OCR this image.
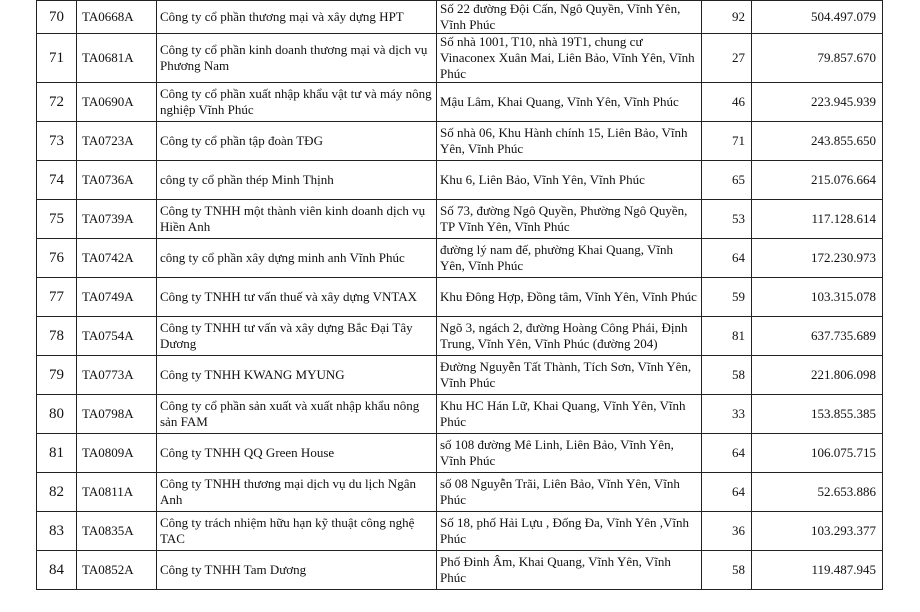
70	TA0668A	Công ty cổ phần thương mại và xây dựng HPT	Số 22 đường Đội Cấn, Ngô Quyền, Vĩnh Yên, Vĩnh Phúc	92	504.497.079
71	TA0681A	Công ty cổ phần kinh doanh thương mại và dịch vụ Phương Nam	Số nhà 1001, T10, nhà 19T1, chung cư Vinaconex Xuân Mai, Liên Bảo, Vĩnh Yên, Vĩnh Phúc	27	79.857.670
72	TA0690A	Công ty cổ phần xuất nhập khẩu vật tư và máy nông nghiệp Vĩnh Phúc	Mậu Lâm, Khai Quang, Vĩnh Yên, Vĩnh Phúc	46	223.945.939
73	TA0723A	Công ty cổ phần tập đoàn TĐG	Số nhà 06, Khu Hành chính 15, Liên Bảo, Vĩnh Yên, Vĩnh Phúc	71	243.855.650
74	TA0736A	công ty cổ phần thép Minh Thịnh	Khu 6, Liên Bảo, Vĩnh Yên, Vĩnh Phúc	65	215.076.664
75	TA0739A	Công ty TNHH một thành viên kinh doanh dịch vụ Hiền Anh	Số 73, đường Ngô Quyền, Phường Ngô Quyền, TP Vĩnh Yên, Vĩnh Phúc	53	117.128.614
76	TA0742A	công ty cổ phần xây dựng minh anh Vĩnh Phúc	đường lý nam đế, phường Khai Quang, Vĩnh Yên, Vĩnh Phúc	64	172.230.973
77	TA0749A	Công ty TNHH tư vấn thuế và xây dựng VNTAX	Khu Đông Hợp, Đồng tâm, Vĩnh Yên, Vĩnh Phúc	59	103.315.078
78	TA0754A	Công ty TNHH tư vấn và xây dựng Bắc Đại Tây Dương	Ngõ 3, ngách 2, đường Hoàng Công Phái, Định Trung, Vĩnh Yên, Vĩnh Phúc (đường 204)	81	637.735.689
79	TA0773A	Công ty TNHH KWANG MYUNG	Đường Nguyễn Tất Thành, Tích Sơn, Vĩnh Yên, Vĩnh Phúc	58	221.806.098
80	TA0798A	Công ty cổ phần sản xuất và xuất nhập khẩu nông sản FAM	Khu HC Hán Lữ, Khai Quang, Vĩnh Yên, Vĩnh Phúc	33	153.855.385
81	TA0809A	Công ty TNHH QQ Green House	số 108 đường Mê Linh, Liên Bảo, Vĩnh Yên, Vĩnh Phúc	64	106.075.715
82	TA0811A	Công ty TNHH thương mại dịch vụ du lịch Ngân Anh	số 08 Nguyễn Trãi, Liên Bảo, Vĩnh Yên, Vĩnh Phúc	64	52.653.886
83	TA0835A	Công ty trách nhiệm hữu hạn kỹ thuật công nghệ TAC	Số 18, phố Hải Lựu , Đống Đa, Vĩnh Yên ,Vĩnh Phúc	36	103.293.377
84	TA0852A	Công ty TNHH Tam Dương	Phố Đinh Âm, Khai Quang, Vĩnh Yên, Vĩnh Phúc	58	119.487.945
